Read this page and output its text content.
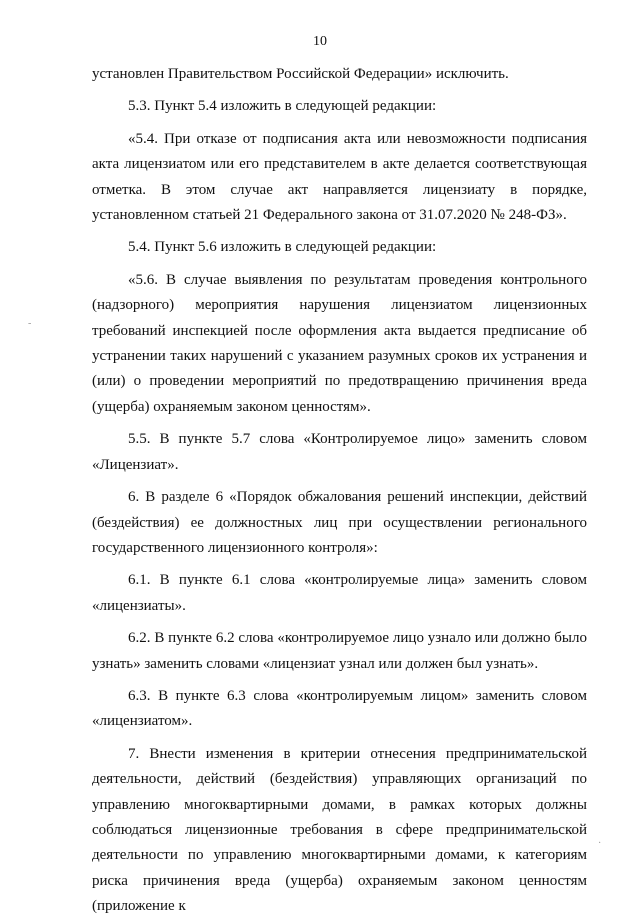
10

установлен Правительством Российской Федерации» исключить.

5.3. Пункт 5.4 изложить в следующей редакции:

«5.4. При отказе от подписания акта или невозможности подписания акта лицензиатом или его представителем в акте делается соответствующая отметка. В этом случае акт направляется лицензиату в порядке, установленном статьей 21 Федерального закона от 31.07.2020 № 248-ФЗ».

5.4. Пункт 5.6 изложить в следующей редакции:

«5.6. В случае выявления по результатам проведения контрольного (надзорного) мероприятия нарушения лицензиатом лицензионных требований инспекцией после оформления акта выдается предписание об устранении таких нарушений с указанием разумных сроков их устранения и (или) о проведении мероприятий по предотвращению причинения вреда (ущерба) охраняемым законом ценностям».

5.5. В пункте 5.7 слова «Контролируемое лицо» заменить словом «Лицензиат».

6. В разделе 6 «Порядок обжалования решений инспекции, действий (бездействия) ее должностных лиц при осуществлении регионального государственного лицензионного контроля»:

6.1. В пункте 6.1 слова «контролируемые лица» заменить словом «лицензиаты».

6.2. В пункте 6.2 слова «контролируемое лицо узнало или должно было узнать» заменить словами «лицензиат узнал или должен был узнать».

6.3. В пункте 6.3 слова «контролируемым лицом» заменить словом «лицензиатом».

7. Внести изменения в критерии отнесения предпринимательской деятельности, действий (бездействия) управляющих организаций по управлению многоквартирными домами, в рамках которых должны соблюдаться лицензионные требования в сфере предпринимательской деятельности по управлению многоквартирными домами, к категориям риска причинения вреда (ущерба) охраняемым законом ценностям (приложение к

-
·
